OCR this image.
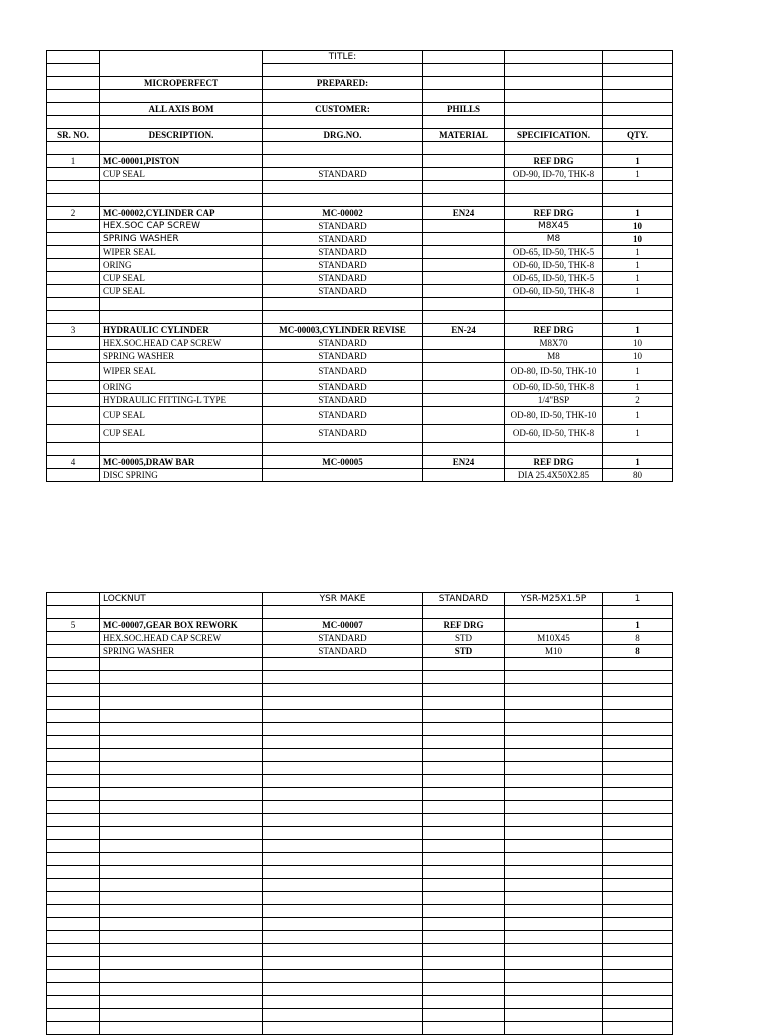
		TITLE:			

	MICROPERFECT	PREPARED:			

	ALL AXIS BOM	CUSTOMER:	PHILLS		

SR. NO.	DESCRIPTION.	DRG.NO.	MATERIAL	SPECIFICATION.	QTY.

1	MC-00001,PISTON			REF DRG	1
	CUP SEAL	STANDARD		OD-90, ID-70, THK-8	1

2	MC-00002,CYLINDER CAP	MC-00002	EN24	REF DRG	1
	HEX.SOC CAP SCREW	STANDARD		M8X45	10
	SPRING WASHER	STANDARD		M8	10
	WIPER SEAL	STANDARD		OD-65, ID-50, THK-5	1
	ORING	STANDARD		OD-60, ID-50, THK-8	1
	CUP SEAL	STANDARD		OD-65, ID-50, THK-5	1
	CUP SEAL	STANDARD		OD-60, ID-50, THK-8	1

3	HYDRAULIC CYLINDER	MC-00003,CYLINDER REVISE	EN-24	REF DRG	1
	HEX.SOC.HEAD CAP SCREW	STANDARD		M8X70	10
	SPRING WASHER	STANDARD		M8	10
	WIPER SEAL	STANDARD		OD-80, ID-50, THK-10	1
	ORING	STANDARD		OD-60, ID-50, THK-8	1
	HYDRAULIC FITTING-L TYPE	STANDARD		1/4"BSP	2
	CUP SEAL	STANDARD		OD-80, ID-50, THK-10	1
	CUP SEAL	STANDARD		OD-60, ID-50, THK-8	1

4	MC-00005,DRAW BAR	MC-00005	EN24	REF DRG	1
	DISC SPRING			DIA 25.4X50X2.85	80
	LOCKNUT	YSR MAKE	STANDARD	YSR-M25X1.5P	1

5	MC-00007,GEAR BOX REWORK	MC-00007	REF DRG		1
	HEX.SOC.HEAD CAP SCREW	STANDARD	STD	M10X45	8
	SPRING WASHER	STANDARD	STD	M10	8
